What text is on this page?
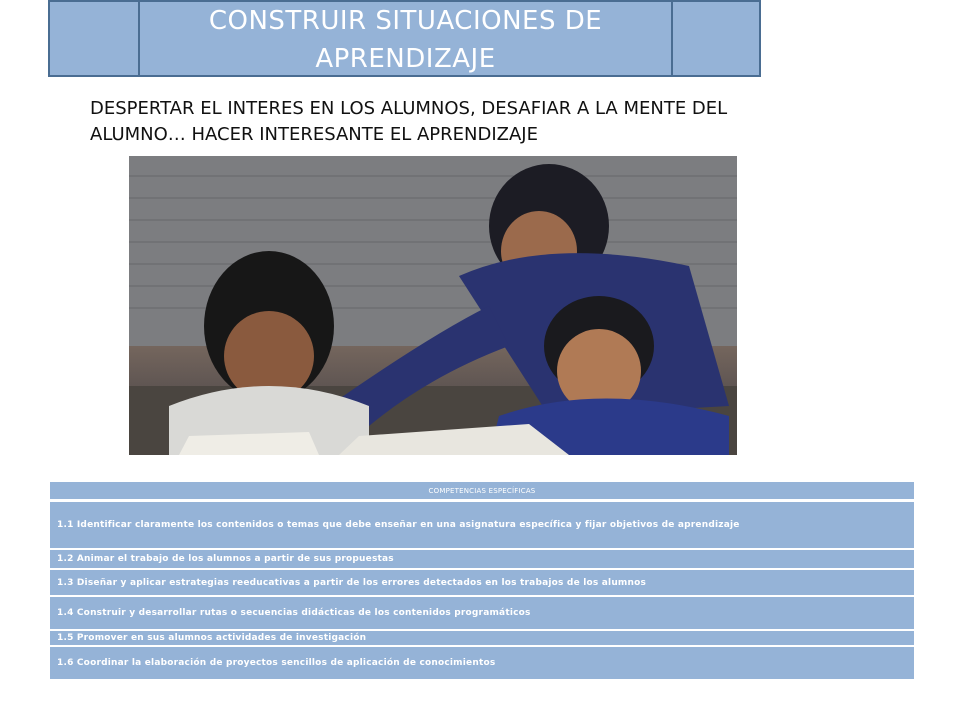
CONSTRUIR SITUACIONES DE
APRENDIZAJE
DESPERTAR EL INTERES EN LOS ALUMNOS, DESAFIAR A LA MENTE DEL
ALUMNO… HACER INTERESANTE EL APRENDIZAJE
COMPETENCIAS ESPECÍFICAS
1.1 Identificar claramente los contenidos o temas que debe enseñar en una asignatura específica y fijar objetivos de aprendizaje
1.2 Animar el trabajo de los alumnos a partir de sus propuestas
1.3 Diseñar y aplicar estrategias reeducativas a partir de los errores detectados en los trabajos de los alumnos
1.4 Construir y desarrollar rutas o secuencias didácticas de los contenidos programáticos
1.5 Promover en sus alumnos actividades de investigación
1.6 Coordinar la elaboración de proyectos sencillos de aplicación de conocimientos
